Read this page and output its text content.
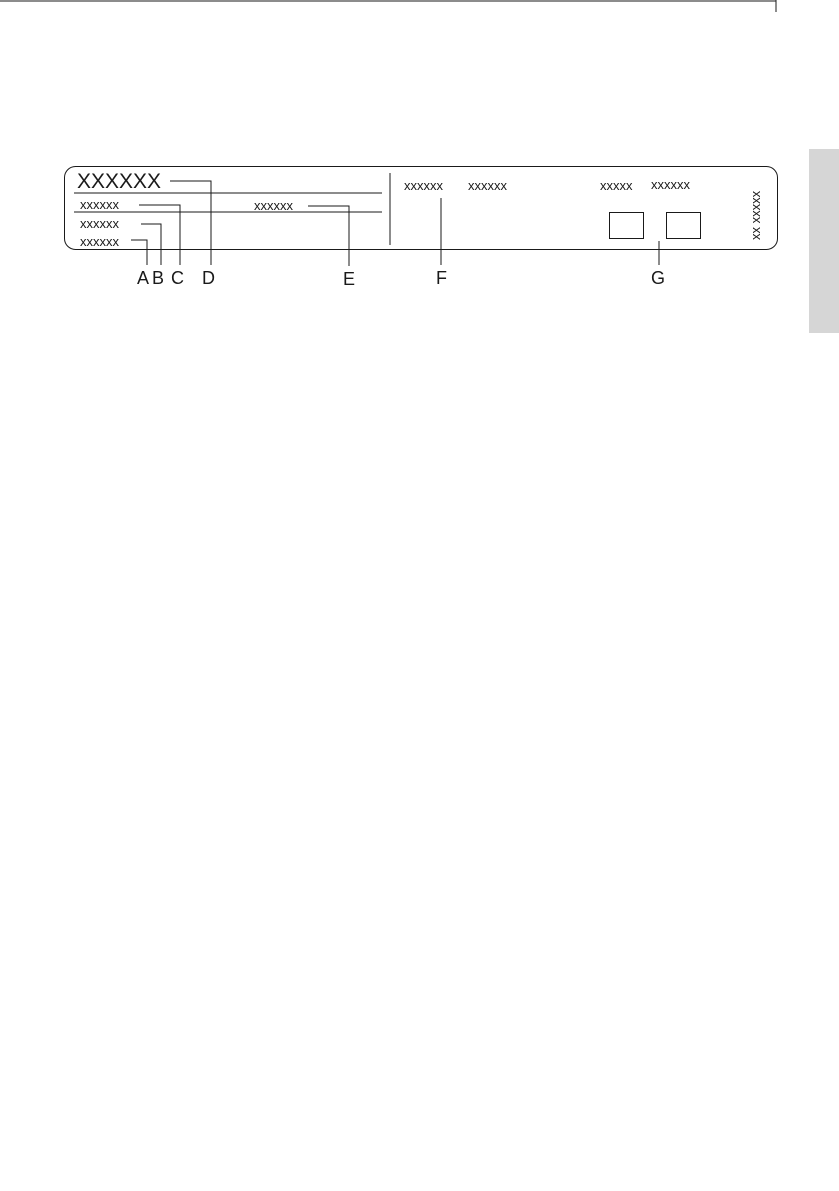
XXXXXX
xxxxxx
xxxxxx
xxxxxx
xxxxxx
xxxxxx xxxxxx	xxxxx xxxxxx
xx xxxxx
A B C D	E	F	G
